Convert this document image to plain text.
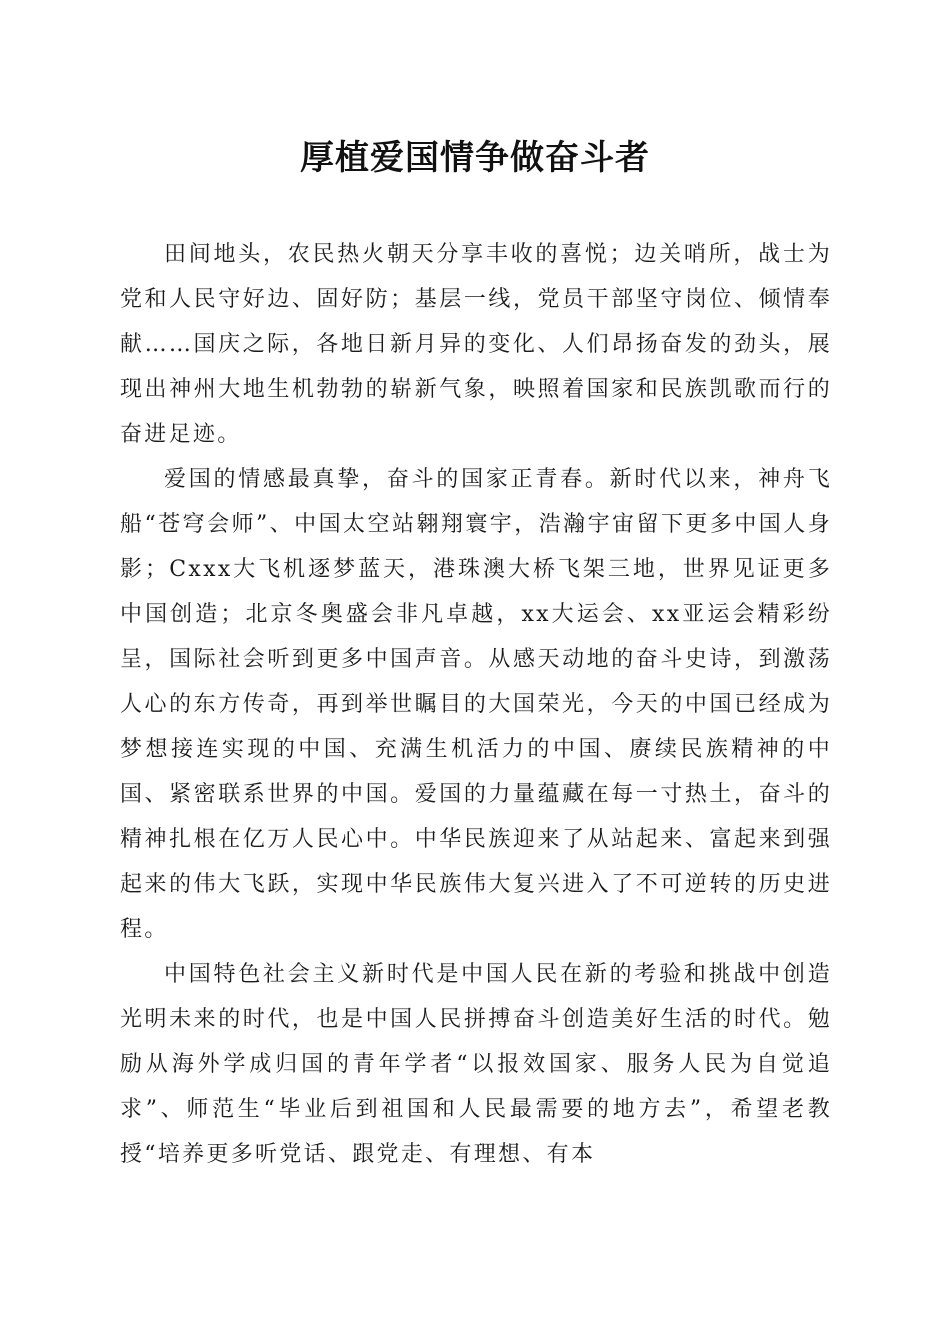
厚植爱国情争做奋斗者

田间地头，农民热火朝天分享丰收的喜悦；边关哨所，战士为党和人民守好边、固好防；基层一线，党员干部坚守岗位、倾情奉献……国庆之际，各地日新月异的变化、人们昂扬奋发的劲头，展现出神州大地生机勃勃的崭新气象，映照着国家和民族凯歌而行的奋进足迹。

爱国的情感最真挚，奋斗的国家正青春。新时代以来，神舟飞船“苍穹会师”、中国太空站翱翔寰宇，浩瀚宇宙留下更多中国人身影；Cxxx大飞机逐梦蓝天，港珠澳大桥飞架三地，世界见证更多中国创造；北京冬奥盛会非凡卓越，xx大运会、xx亚运会精彩纷呈，国际社会听到更多中国声音。从感天动地的奋斗史诗，到激荡人心的东方传奇，再到举世瞩目的大国荣光，今天的中国已经成为梦想接连实现的中国、充满生机活力的中国、赓续民族精神的中国、紧密联系世界的中国。爱国的力量蕴藏在每一寸热土，奋斗的精神扎根在亿万人民心中。中华民族迎来了从站起来、富起来到强起来的伟大飞跃，实现中华民族伟大复兴进入了不可逆转的历史进程。

中国特色社会主义新时代是中国人民在新的考验和挑战中创造光明未来的时代，也是中国人民拼搏奋斗创造美好生活的时代。勉励从海外学成归国的青年学者“以报效国家、服务人民为自觉追求”、师范生“毕业后到祖国和人民最需要的地方去”，希望老教授“培养更多听党话、跟党走、有理想、有本
